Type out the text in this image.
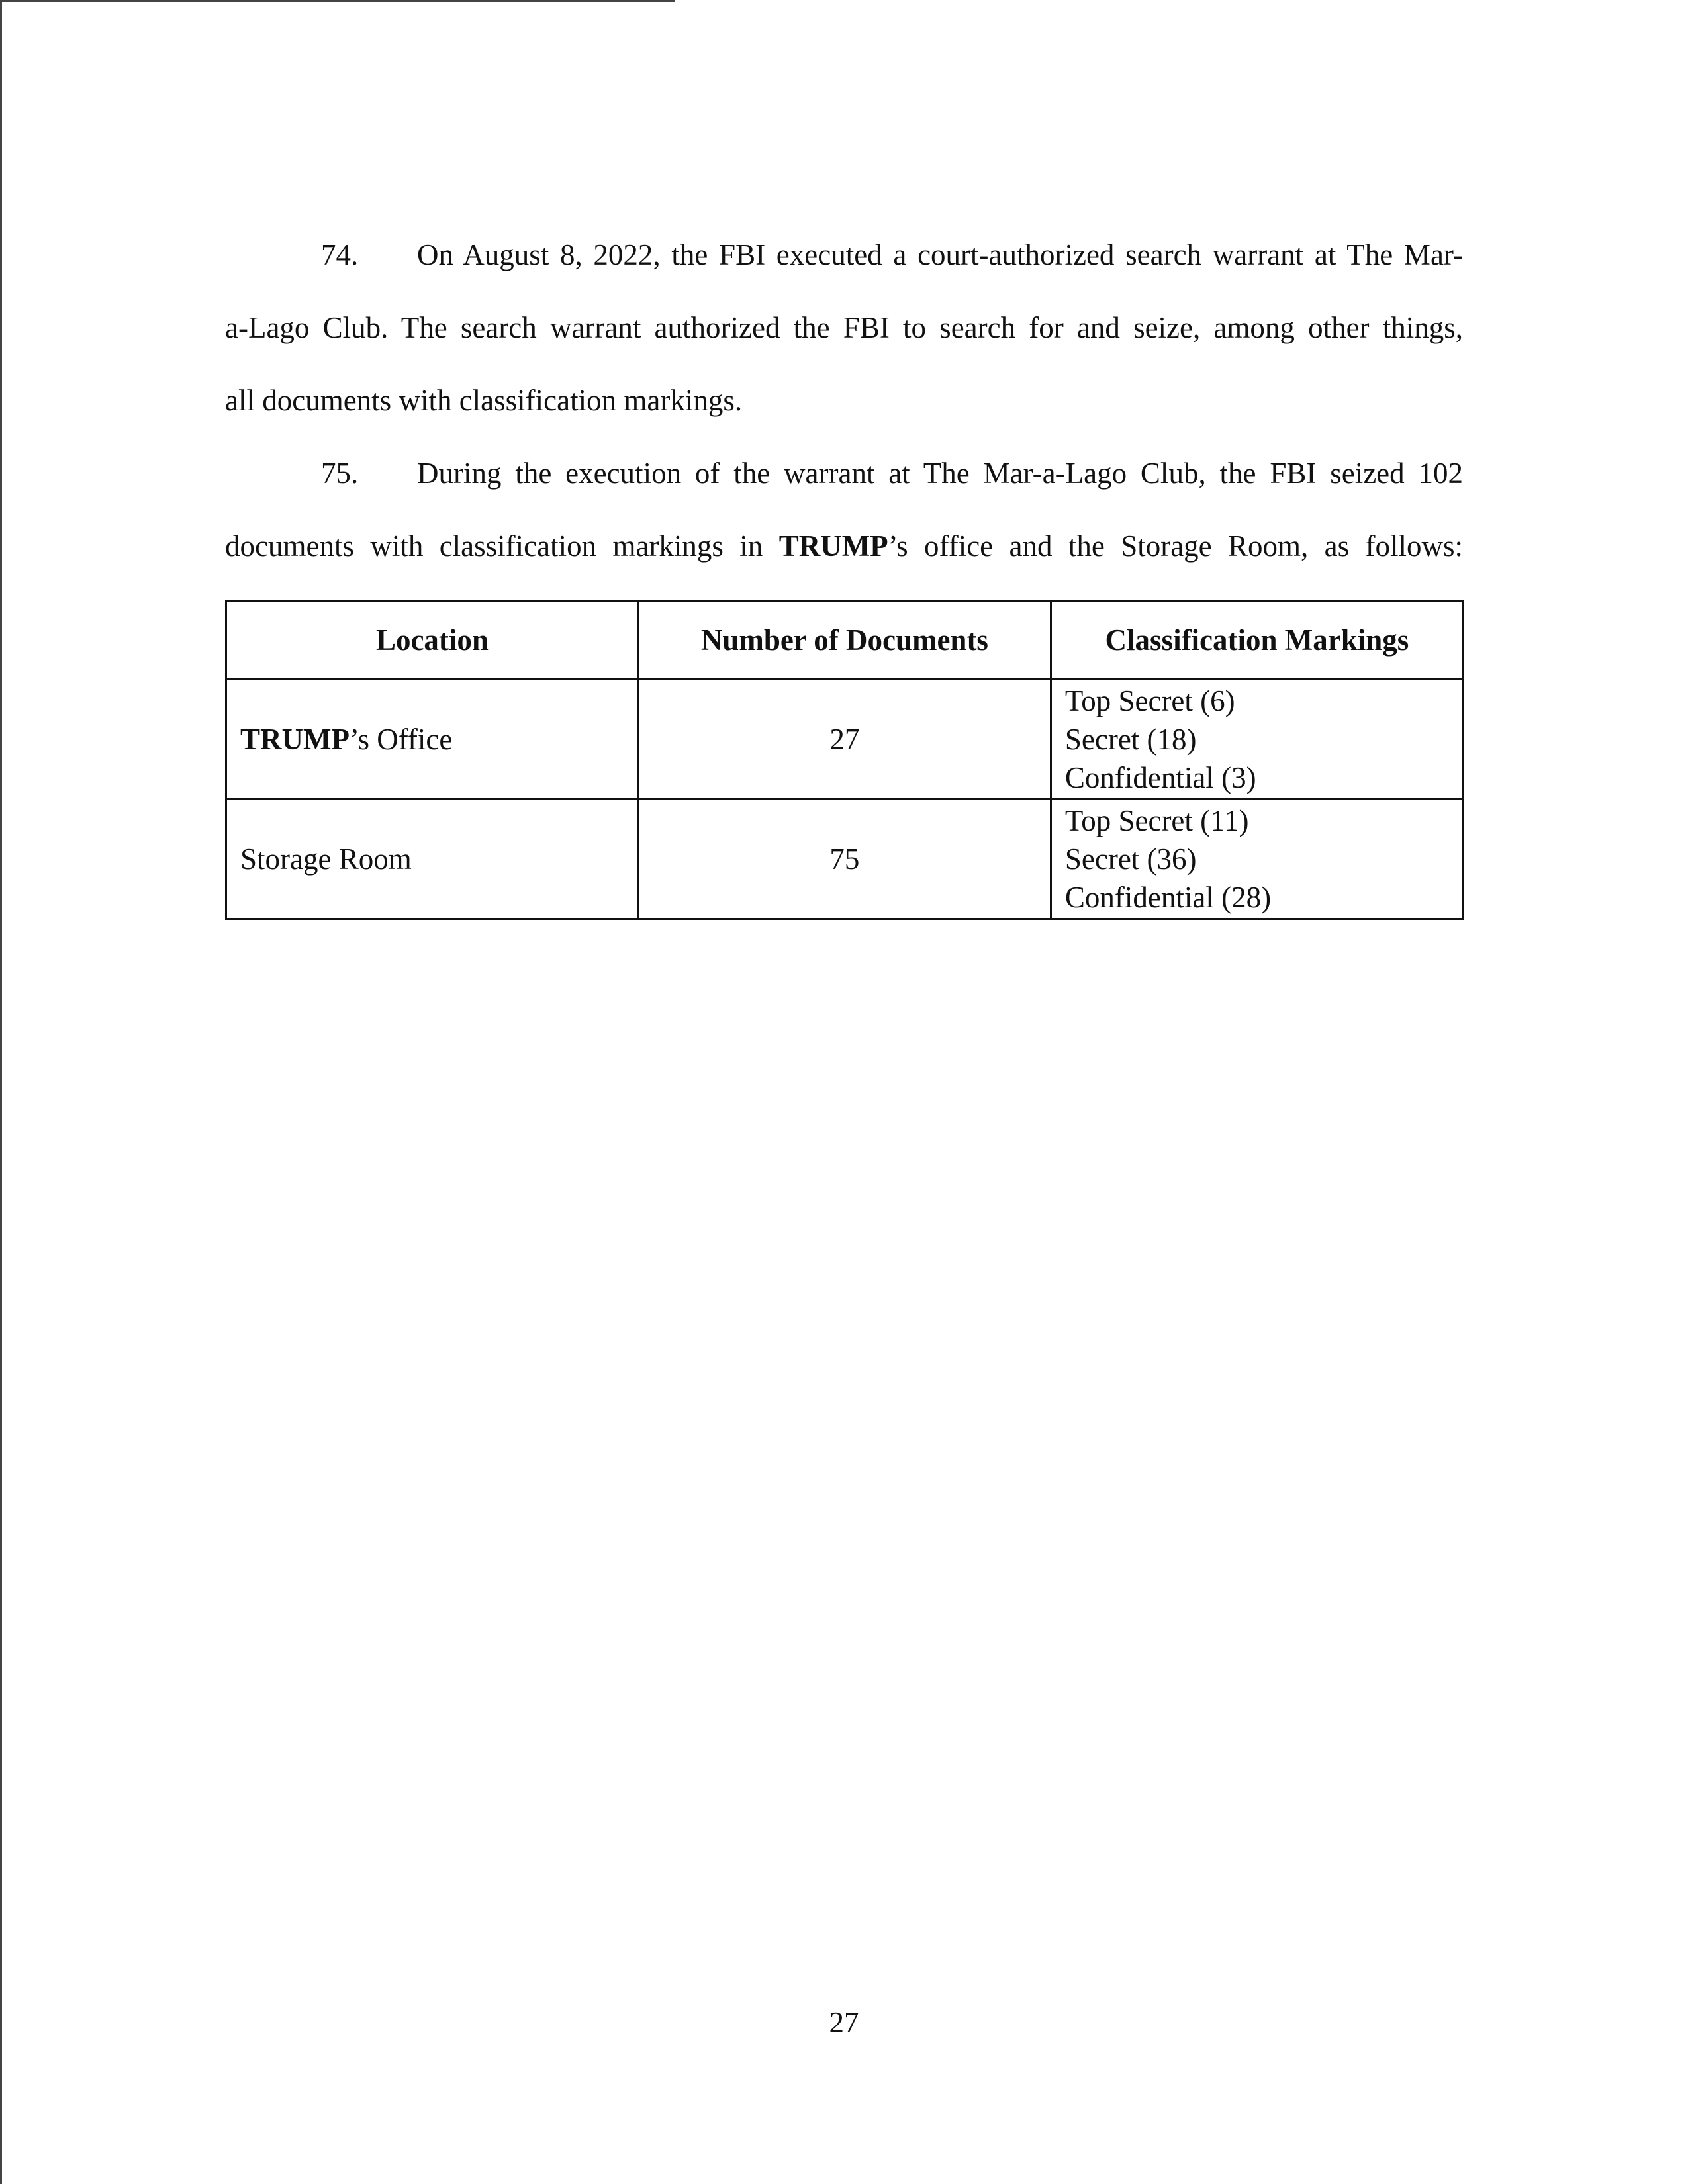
74. On August 8, 2022, the FBI executed a court-authorized search warrant at The Mar-
a-Lago Club. The search warrant authorized the FBI to search for and seize, among other things,
all documents with classification markings.
75. During the execution of the warrant at The Mar-a-Lago Club, the FBI seized 102
documents with classification markings in TRUMP’s office and the Storage Room, as follows:
Location	Number of Documents	Classification Markings
TRUMP’s Office	27	Top Secret (6)
Secret (18)
Confidential (3)

Storage Room	75	Top Secret (11)
Secret (36)
Confidential (28)
27
